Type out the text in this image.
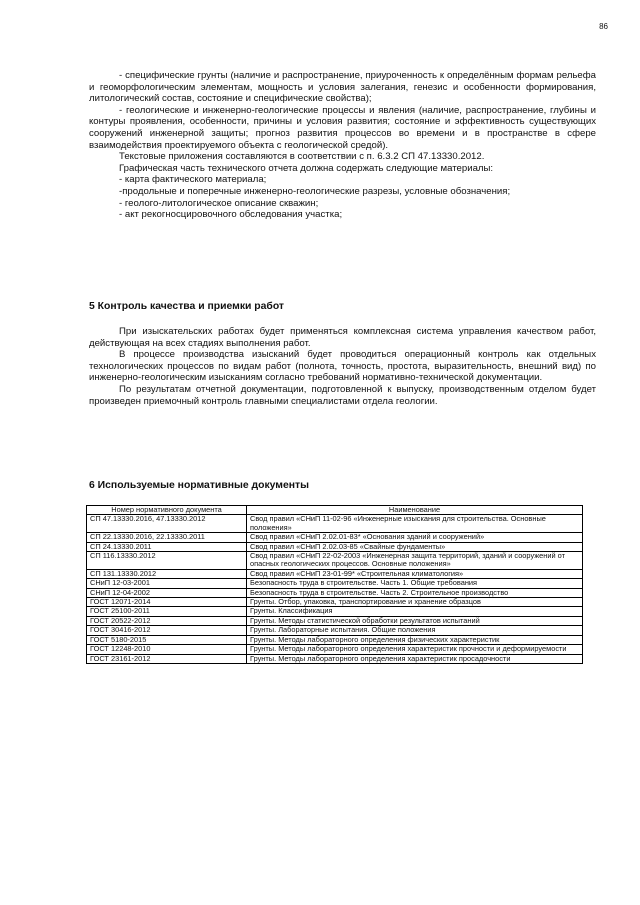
86

- специфические грунты (наличие и распространение, приуроченность к определённым формам рельефа и геоморфологическим элементам, мощность и условия залегания, генезис и особенности формирования, литологический состав, состояние и специфические свойства);

- геологические и инженерно-геологические процессы и явления (наличие, распространение, глубины и контуры проявления, особенности, причины и условия развития; состояние и эффективность существующих сооружений инженерной защиты; прогноз развития процессов во времени и в пространстве в сфере взаимодействия проектируемого объекта с геологической средой).

Текстовые приложения составляются в соответствии с п. 6.3.2 СП 47.13330.2012.

Графическая часть технического отчета должна содержать следующие материалы:

- карта фактического материала;

-продольные и поперечные инженерно-геологические разрезы, условные обозначения;

- геолого-литологическое описание скважин;

- акт рекогносцировочного обследования участка;

5 Контроль качества и приемки работ

При изыскательских работах будет применяться комплексная система управления качеством работ, действующая на всех стадиях выполнения работ.

В процессе производства изысканий будет проводиться операционный контроль как отдельных технологических процессов по видам работ (полнота, точность, простота, выразительность, внешний вид) по инженерно-геологическим изысканиям согласно требований нормативно-технической документации.

По результатам отчетной документации, подготовленной к выпуску, производственным отделом будет произведен приемочный контроль главными специалистами отдела геологии.

6 Используемые нормативные документы
Номер нормативного документа	Наименование
СП 47.13330.2016, 47.13330.2012	Свод правил «СНиП 11-02-96 «Инженерные изыскания для строительства. Основные положения»
СП 22.13330.2016, 22.13330.2011	Свод правил «СНиП 2.02.01-83* «Основания зданий и сооружений»
СП 24.13330.2011	Свод правил «СНиП 2.02.03-85 «Свайные фундаменты»
СП 116.13330.2012	Свод правил «СНиП 22-02-2003 «Инженерная защита территорий, зданий и сооружений от опасных геологических процессов. Основные положения»
СП 131.13330.2012	Свод правил «СНиП 23-01-99* «Строительная климатология»
СНиП 12-03-2001	Безопасность труда в строительстве. Часть 1. Общие требования
СНиП 12-04-2002	Безопасность труда в строительстве. Часть 2. Строительное производство
ГОСТ 12071-2014	Грунты. Отбор, упаковка, транспортирование и хранение образцов
ГОСТ 25100-2011	Грунты. Классификация
ГОСТ 20522-2012	Грунты. Методы статистической обработки результатов испытаний
ГОСТ 30416-2012	Грунты. Лабораторные испытания. Общие положения
ГОСТ 5180-2015	Грунты. Методы лабораторного определения физических характеристик
ГОСТ 12248-2010	Грунты. Методы лабораторного определения характеристик прочности и деформируемости
ГОСТ 23161-2012	Грунты. Методы лабораторного определения характеристик просадочности
